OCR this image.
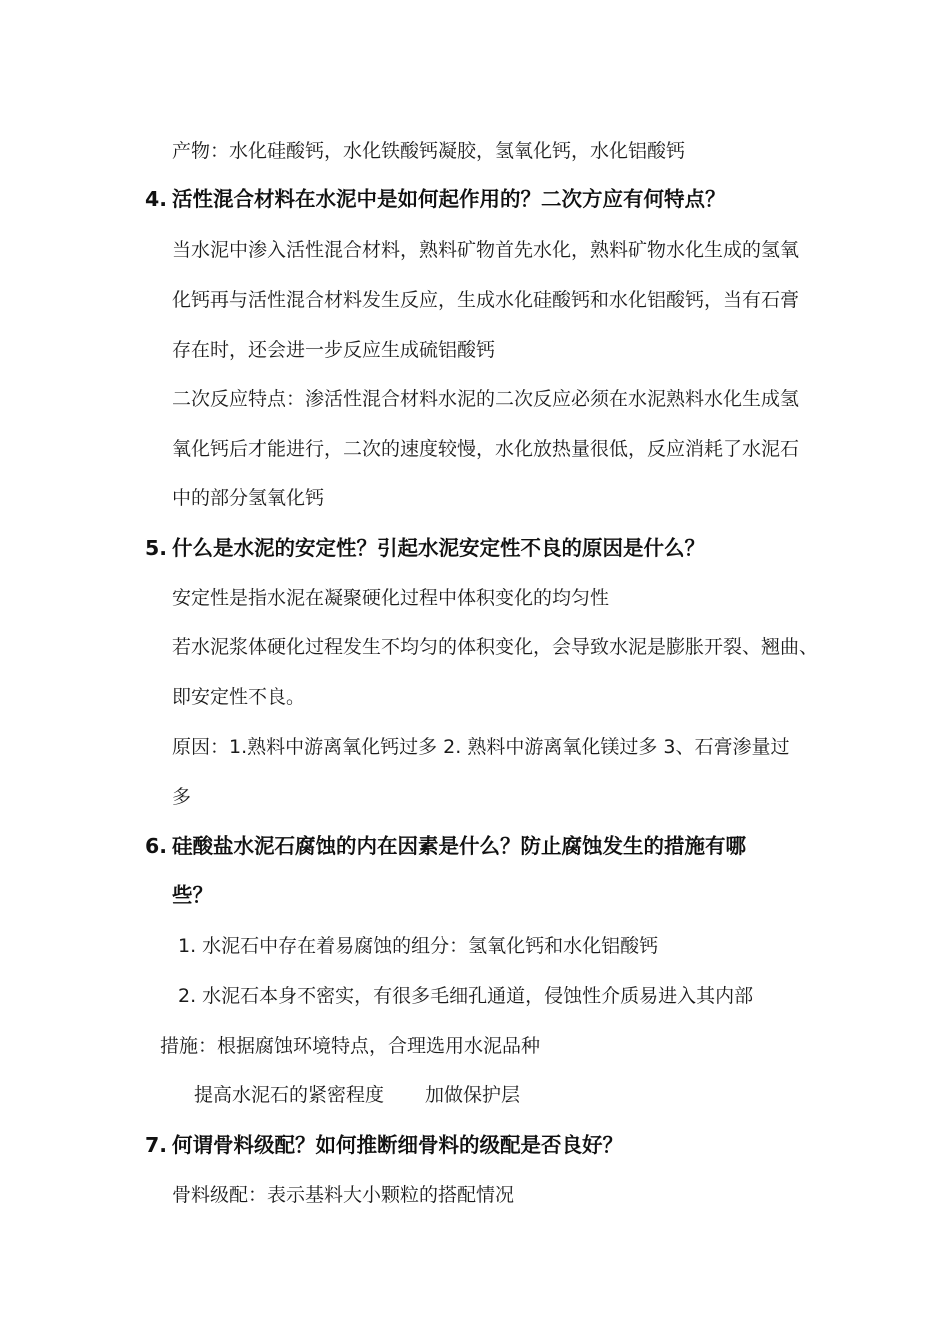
产物：水化硅酸钙，水化铁酸钙凝胶，氢氧化钙，水化铝酸钙
4. 活性混合材料在水泥中是如何起作用的？二次方应有何特点？
当水泥中渗入活性混合材料，熟料矿物首先水化，熟料矿物水化生成的氢氧
化钙再与活性混合材料发生反应，生成水化硅酸钙和水化铝酸钙，当有石膏
存在时，还会进一步反应生成硫铝酸钙
二次反应特点：渗活性混合材料水泥的二次反应必须在水泥熟料水化生成氢
氧化钙后才能进行，二次的速度较慢，水化放热量很低，反应消耗了水泥石
中的部分氢氧化钙
5. 什么是水泥的安定性？引起水泥安定性不良的原因是什么？
安定性是指水泥在凝聚硬化过程中体积变化的均匀性
若水泥浆体硬化过程发生不均匀的体积变化，会导致水泥是膨胀开裂、翘曲、
即安定性不良。
原因：1.熟料中游离氧化钙过多 2. 熟料中游离氧化镁过多 3、石膏渗量过
多
6. 硅酸盐水泥石腐蚀的内在因素是什么？防止腐蚀发生的措施有哪
些？
1. 水泥石中存在着易腐蚀的组分：氢氧化钙和水化铝酸钙
2. 水泥石本身不密实，有很多毛细孔通道，侵蚀性介质易进入其内部
措施：根据腐蚀环境特点，合理选用水泥品种
提高水泥石的紧密程度 加做保护层
7. 何谓骨料级配？如何推断细骨料的级配是否良好？
骨料级配：表示基料大小颗粒的搭配情况
